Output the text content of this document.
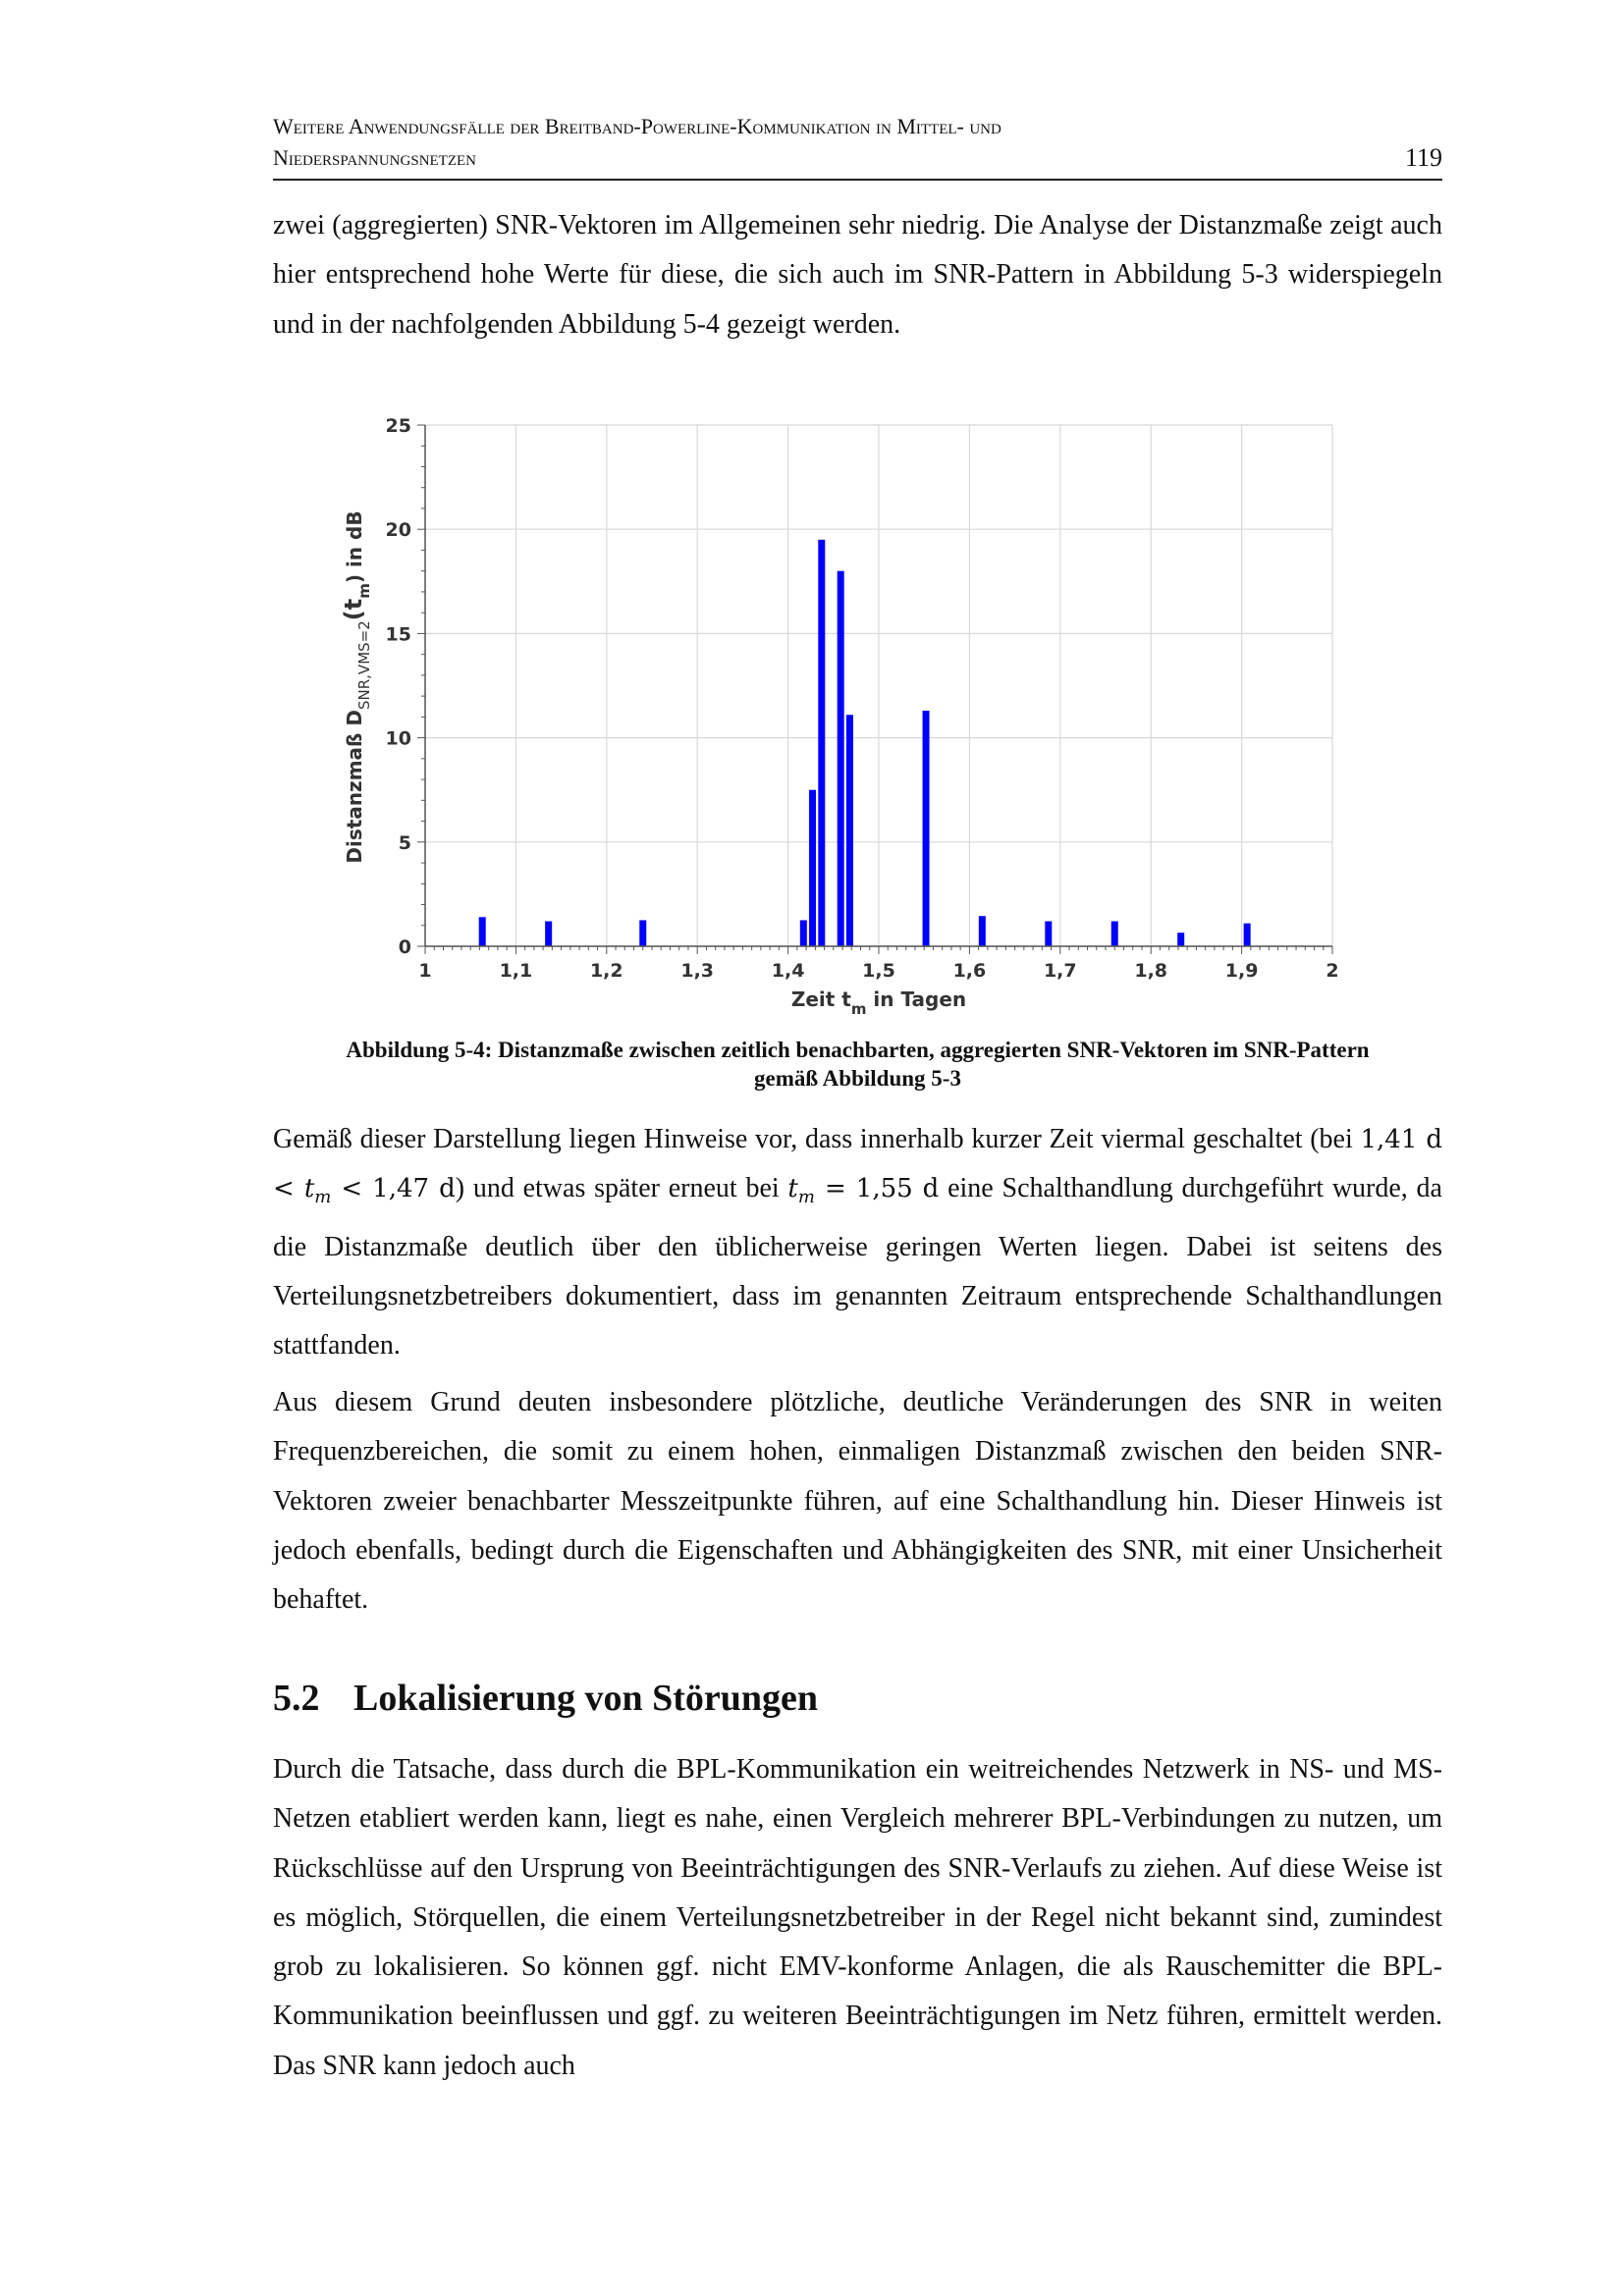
Weitere Anwendungsfälle der Breitband-Powerline-Kommunikation in Mittel- und
Niederspannungsnetzen	119

zwei (aggregierten) SNR-Vektoren im Allgemeinen sehr niedrig. Die Analyse der Distanzmaße zeigt auch hier entsprechend hohe Werte für diese, die sich auch im SNR-Pattern in Abbildung 5-3 widerspiegeln und in der nachfolgenden Abbildung 5-4 gezeigt werden.

1	1,1	1,2	1,3	1,4	1,5	1,6	1,7	1,8	1,9	2
0
5
10
15
20
25
Zeit $t_m$ in Tagen
Distanzmaß $D_{SNR,VMS=2}(t_m)$ in dB
Abbildung 5-4: Distanzmaße zwischen zeitlich benachbarten, aggregierten SNR-Vektoren im SNR-Pattern
gemäß Abbildung 5-3

Gemäß dieser Darstellung liegen Hinweise vor, dass innerhalb kurzer Zeit viermal geschaltet (bei 1,41 $d < t_m < 1,47$ d) und etwas später erneut bei $t_m = 1,55$ d eine Schalthandlung durchgeführt wurde, da die Distanzmaße deutlich über den üblicherweise geringen Werten liegen. Dabei ist seitens des Verteilungsnetzbetreibers dokumentiert, dass im genannten Zeitraum entsprechende Schalthandlungen stattfanden.

Aus diesem Grund deuten insbesondere plötzliche, deutliche Veränderungen des SNR in weiten Frequenzbereichen, die somit zu einem hohen, einmaligen Distanzmaß zwischen den beiden SNR-Vektoren zweier benachbarter Messzeitpunkte führen, auf eine Schalthandlung hin. Dieser Hinweis ist jedoch ebenfalls, bedingt durch die Eigenschaften und Abhängigkeiten des SNR, mit einer Unsicherheit behaftet.

5.2 Lokalisierung von Störungen

Durch die Tatsache, dass durch die BPL-Kommunikation ein weitreichendes Netzwerk in NS- und MS-Netzen etabliert werden kann, liegt es nahe, einen Vergleich mehrerer BPL-Verbindungen zu nutzen, um Rückschlüsse auf den Ursprung von Beeinträchtigungen des SNR-Verlaufs zu ziehen. Auf diese Weise ist es möglich, Störquellen, die einem Verteilungsnetzbetreiber in der Regel nicht bekannt sind, zumindest grob zu lokalisieren. So können ggf. nicht EMV-konforme Anlagen, die als Rauschemitter die BPL-Kommunikation beeinflussen und ggf. zu weiteren Beeinträchtigungen im Netz führen, ermittelt werden. Das SNR kann jedoch auch
